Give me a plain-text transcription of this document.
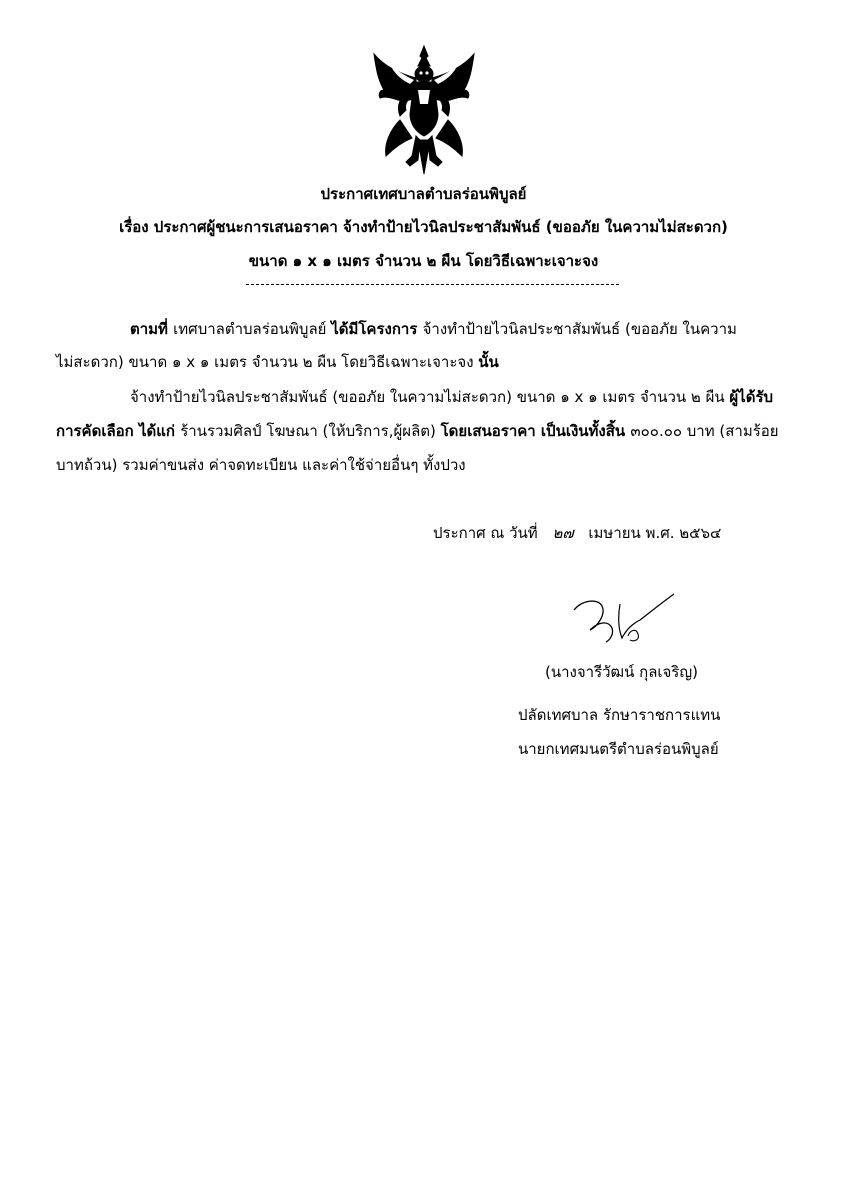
ประกาศเทศบาลตำบลร่อนพิบูลย์
เรื่อง ประกาศผู้ชนะการเสนอราคา จ้างทำป้ายไวนิลประชาสัมพันธ์ (ขออภัย ในความไม่สะดวก)
ขนาด ๑ x ๑ เมตร จำนวน ๒ ผืน โดยวิธีเฉพาะเจาะจง
ตามที่ เทศบาลตำบลร่อนพิบูลย์ ได้มีโครงการ จ้างทำป้ายไวนิลประชาสัมพันธ์ (ขออภัย ในความ
ไม่สะดวก) ขนาด ๑ x ๑ เมตร จำนวน ๒ ผืน โดยวิธีเฉพาะเจาะจง นั้น
จ้างทำป้ายไวนิลประชาสัมพันธ์ (ขออภัย ในความไม่สะดวก) ขนาด ๑ x ๑ เมตร จำนวน ๒ ผืน ผู้ได้รับ
การคัดเลือก ได้แก่ ร้านรวมศิลป์ โฆษณา (ให้บริการ,ผู้ผลิต) โดยเสนอราคา เป็นเงินทั้งสิ้น ๓๐๐.๐๐ บาท (สามร้อย
บาทถ้วน) รวมค่าขนส่ง ค่าจดทะเบียน และค่าใช้จ่ายอื่นๆ ทั้งปวง
ประกาศ ณ วันที่ ๒๗ เมษายน พ.ศ. ๒๕๖๔
(นางจารีวัฒน์ กุลเจริญ)
ปลัดเทศบาล รักษาราชการแทน
นายกเทศมนตรีตำบลร่อนพิบูลย์
